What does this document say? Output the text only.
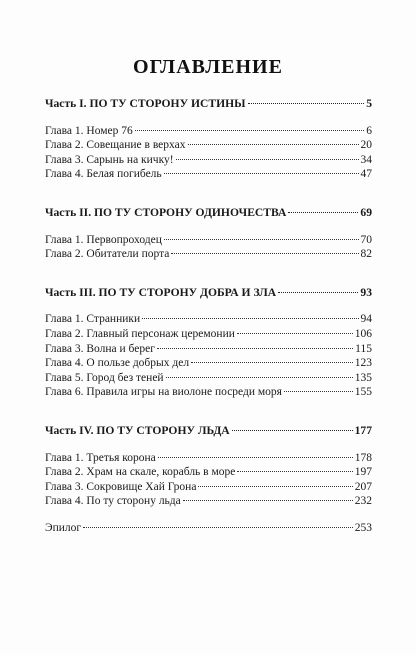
ОГЛАВЛЕНИЕ
Часть I. ПО ТУ СТОРОНУ ИСТИНЫ	5
Глава 1. Номер 76	6
Глава 2. Совещание в верхах	20
Глава 3. Сарынь на кичку!	34
Глава 4. Белая погибель	47
Часть II. ПО ТУ СТОРОНУ ОДИНОЧЕСТВА	69
Глава 1. Первопроходец	70
Глава 2. Обитатели порта	82
Часть III. ПО ТУ СТОРОНУ ДОБРА И ЗЛА	93
Глава 1. Странники	94
Глава 2. Главный персонаж церемонии	106
Глава 3. Волна и берег	115
Глава 4. О пользе добрых дел	123
Глава 5. Город без теней	135
Глава 6. Правила игры на виолоне посреди моря	155
Часть IV. ПО ТУ СТОРОНУ ЛЬДА	177
Глава 1. Третья корона	178
Глава 2. Храм на скале, корабль в море	197
Глава 3. Сокровище Хай Грона	207
Глава 4. По ту сторону льда	232
Эпилог	253
